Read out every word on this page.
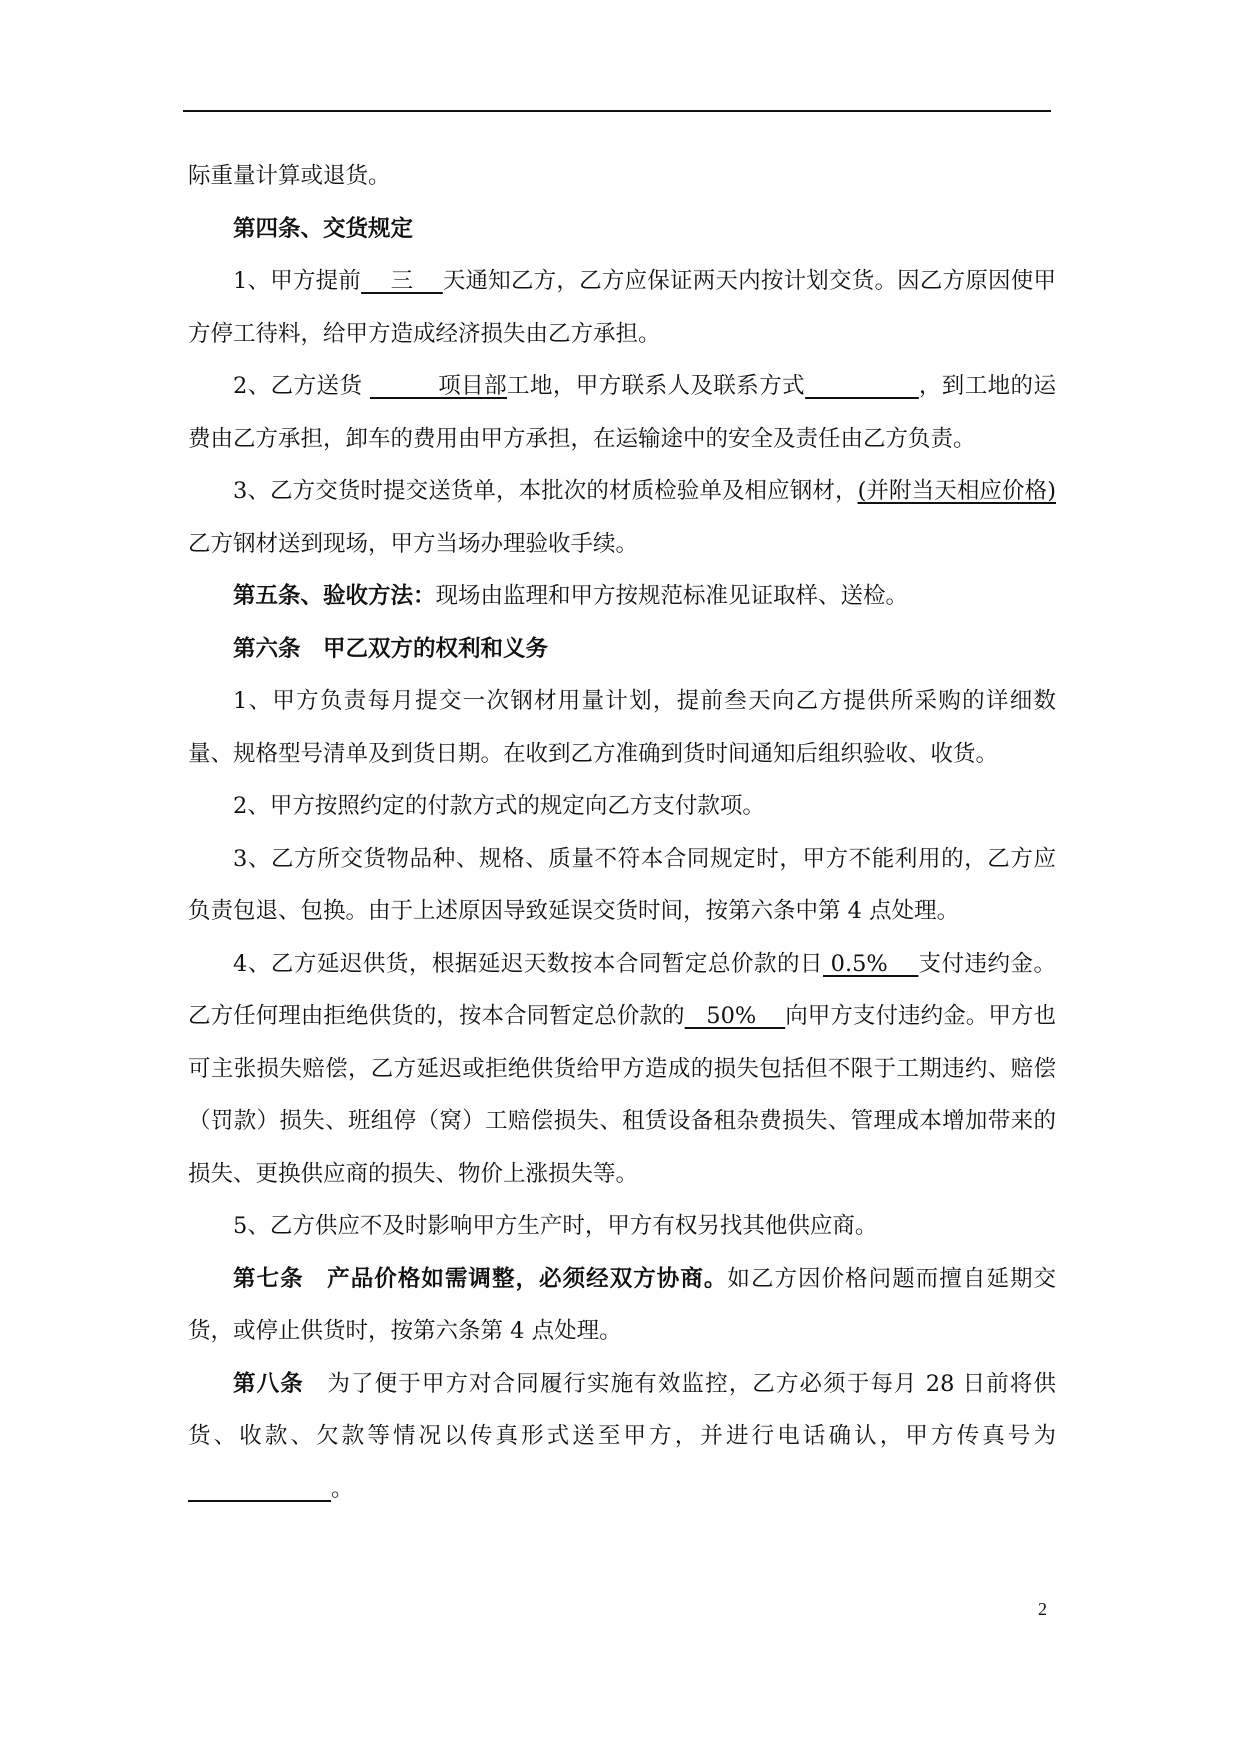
际重量计算或退货。

第四条、交货规定

1、甲方提前    三    天通知乙方，乙方应保证两天内按计划交货。因乙方原因使甲方停工待料，给甲方造成经济损失由乙方承担。

2、乙方送货          项目部工地，甲方联系人及联系方式	，到工地的运费由乙方承担，卸车的费用由甲方承担，在运输途中的安全及责任由乙方负责。

3、乙方交货时提交送货单，本批次的材质检验单及相应钢材，(并附当天相应价格)乙方钢材送到现场，甲方当场办理验收手续。

第五条、验收方法：现场由监理和甲方按规范标准见证取样、送检。

第六条　甲乙双方的权利和义务

1、甲方负责每月提交一次钢材用量计划，提前叁天向乙方提供所采购的详细数量、规格型号清单及到货日期。在收到乙方准确到货时间通知后组织验收、收货。

2、甲方按照约定的付款方式的规定向乙方支付款项。

3、乙方所交货物品种、规格、质量不符本合同规定时，甲方不能利用的，乙方应负责包退、包换。由于上述原因导致延误交货时间，按第六条中第 4 点处理。

4、乙方延迟供货，根据延迟天数按本合同暂定总价款的日 0.5%    支付违约金。乙方任何理由拒绝供货的，按本合同暂定总价款的   50%    向甲方支付违约金。甲方也可主张损失赔偿，乙方延迟或拒绝供货给甲方造成的损失包括但不限于工期违约、赔偿（罚款）损失、班组停（窝）工赔偿损失、租赁设备租杂费损失、管理成本增加带来的损失、更换供应商的损失、物价上涨损失等。

5、乙方供应不及时影响甲方生产时，甲方有权另找其他供应商。

第七条　产品价格如需调整，必须经双方协商。如乙方因价格问题而擅自延期交货，或停止供货时，按第六条第 4 点处理。

第八条　为了便于甲方对合同履行实施有效监控，乙方必须于每月 28 日前将供货、收款、欠款等情况以传真形式送至甲方，并进行电话确认，甲方传真号为                    。

2
